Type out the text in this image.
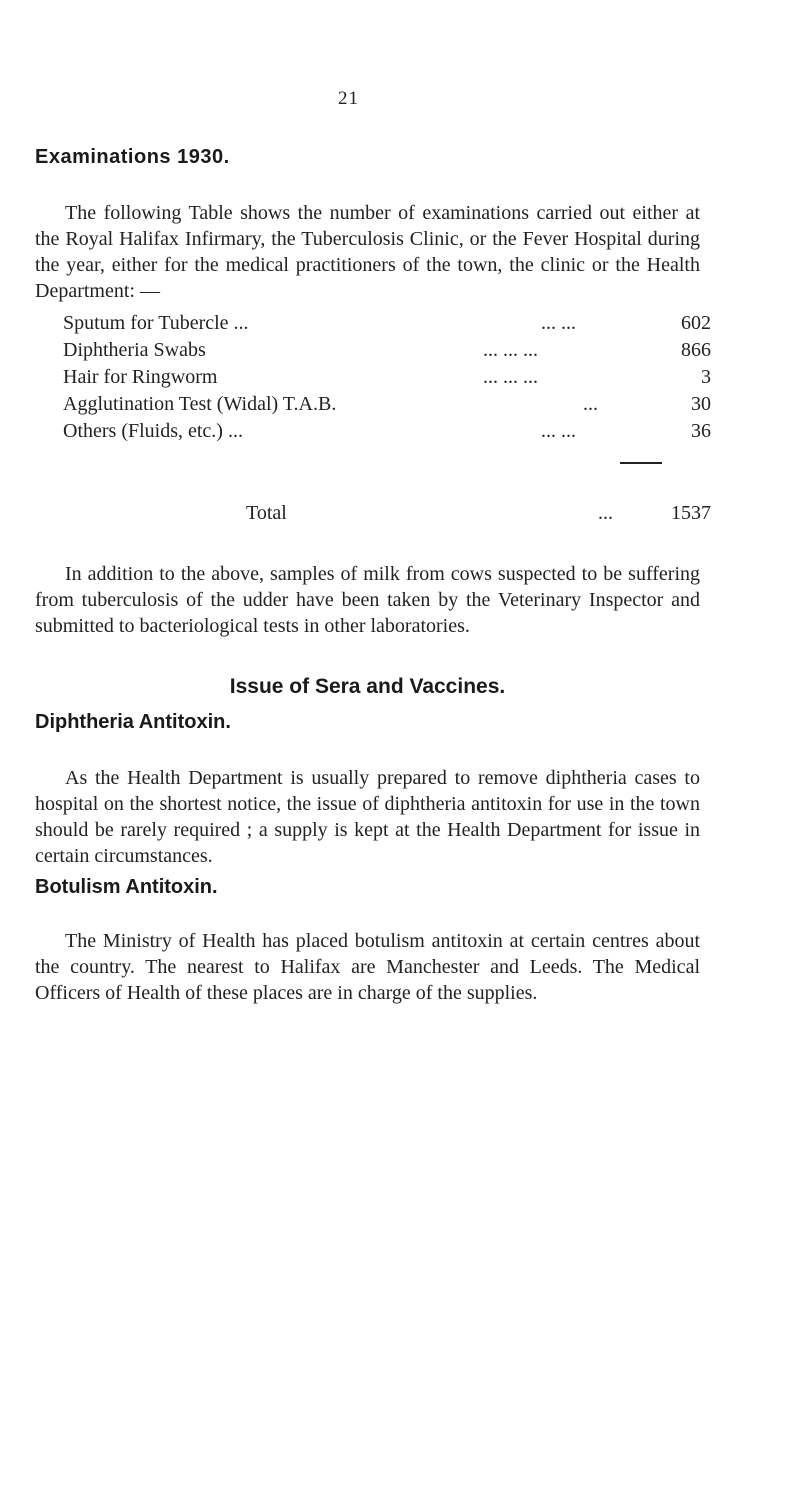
21
Examinations 1930.

The following Table shows the number of examinations carried out either at the Royal Halifax Infirmary, the Tuberculosis Clinic, or the Fever Hospital during the year, either for the medical practitioners of the town, the clinic or the Health Department: —

Sputum for Tubercle ...	... ...	602
Diphtheria Swabs	... ... ...	866
Hair for Ringworm	... ... ...	3
Agglutination Test (Widal) T.A.B.	...	30
Others (Fluids, etc.) ...	... ...	36
Total	...	1537

In addition to the above, samples of milk from cows suspected to be suffering from tuberculosis of the udder have been taken by the Veterinary Inspector and submitted to bacteriological tests in other laboratories.

Issue of Sera and Vaccines.
Diphtheria Antitoxin.

As the Health Department is usually prepared to remove diphtheria cases to hospital on the shortest notice, the issue of diphtheria antitoxin for use in the town should be rarely required ; a supply is kept at the Health Department for issue in certain circumstances.

Botulism Antitoxin.

The Ministry of Health has placed botulism antitoxin at certain centres about the country. The nearest to Halifax are Manchester and Leeds. The Medical Officers of Health of these places are in charge of the supplies.
